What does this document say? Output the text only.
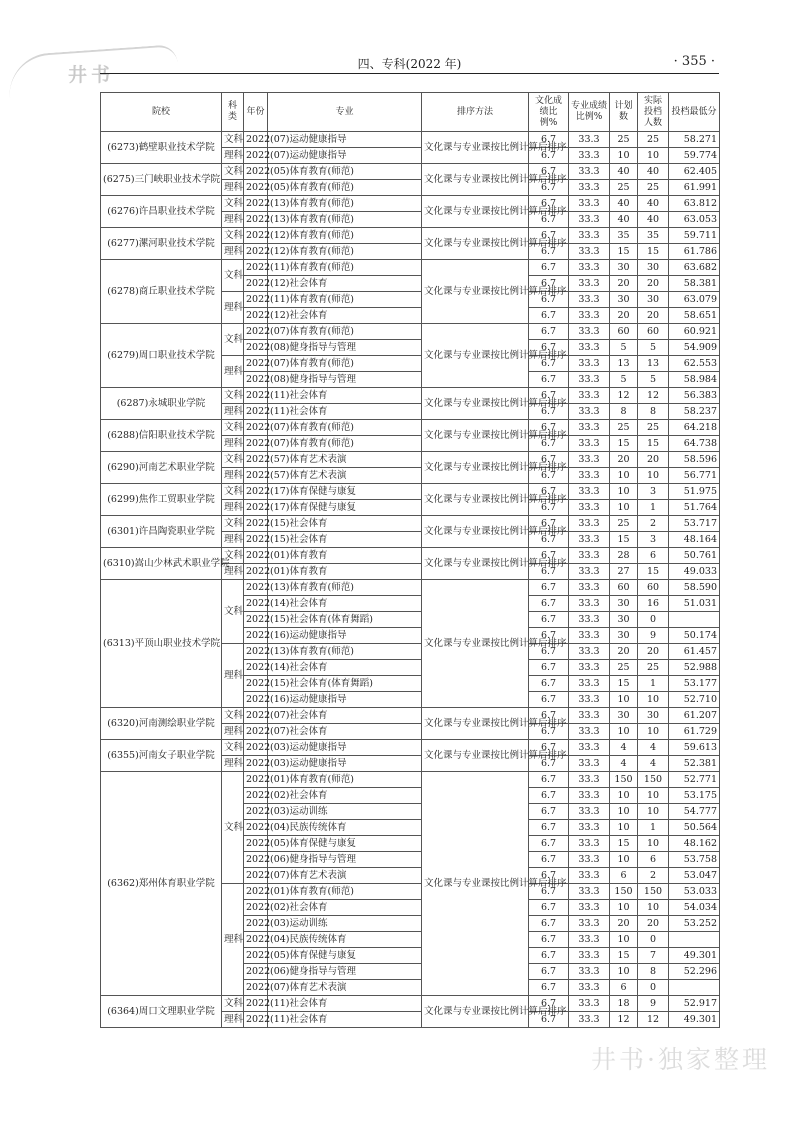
井书	四、专科(2022 年)	· 355 ·
院校	科类	年份	专业	排序方法	文化成绩比例%	专业成绩比例%	计划数	实际投档人数	投档最低分
(6273)鹤壁职业技术学院	文科	2022	(07)运动健康指导	文化课与专业课按比例计算后排序	6.7	33.3	25	25	58.271
	理科	2022	(07)运动健康指导		6.7	33.3	10	10	59.774
(6275)三门峡职业技术学院	文科	2022	(05)体育教育(师范)	文化课与专业课按比例计算后排序	6.7	33.3	40	40	62.405
	理科	2022	(05)体育教育(师范)		6.7	33.3	25	25	61.991
(6276)许昌职业技术学院	文科	2022	(13)体育教育(师范)	文化课与专业课按比例计算后排序	6.7	33.3	40	40	63.812
	理科	2022	(13)体育教育(师范)		6.7	33.3	40	40	63.053
(6277)漯河职业技术学院	文科	2022	(12)体育教育(师范)	文化课与专业课按比例计算后排序	6.7	33.3	35	35	59.711
	理科	2022	(12)体育教育(师范)		6.7	33.3	15	15	61.786
(6278)商丘职业技术学院	文科	2022	(11)体育教育(师范)	文化课与专业课按比例计算后排序	6.7	33.3	30	30	63.682
		2022	(12)社会体育		6.7	33.3	20	20	58.381
	理科	2022	(11)体育教育(师范)		6.7	33.3	30	30	63.079
		2022	(12)社会体育		6.7	33.3	20	20	58.651
(6279)周口职业技术学院	文科	2022	(07)体育教育(师范)	文化课与专业课按比例计算后排序	6.7	33.3	60	60	60.921
		2022	(08)健身指导与管理		6.7	33.3	5	5	54.909
	理科	2022	(07)体育教育(师范)		6.7	33.3	13	13	62.553
		2022	(08)健身指导与管理		6.7	33.3	5	5	58.984
(6287)永城职业学院	文科	2022	(11)社会体育	文化课与专业课按比例计算后排序	6.7	33.3	12	12	56.383
	理科	2022	(11)社会体育		6.7	33.3	8	8	58.237
(6288)信阳职业技术学院	文科	2022	(07)体育教育(师范)	文化课与专业课按比例计算后排序	6.7	33.3	25	25	64.218
	理科	2022	(07)体育教育(师范)		6.7	33.3	15	15	64.738
(6290)河南艺术职业学院	文科	2022	(57)体育艺术表演	文化课与专业课按比例计算后排序	6.7	33.3	20	20	58.596
	理科	2022	(57)体育艺术表演		6.7	33.3	10	10	56.771
(6299)焦作工贸职业学院	文科	2022	(17)体育保健与康复	文化课与专业课按比例计算后排序	6.7	33.3	10	3	51.975
	理科	2022	(17)体育保健与康复		6.7	33.3	10	1	51.764
(6301)许昌陶瓷职业学院	文科	2022	(15)社会体育	文化课与专业课按比例计算后排序	6.7	33.3	25	2	53.717
	理科	2022	(15)社会体育		6.7	33.3	15	3	48.164
(6310)嵩山少林武术职业学院	文科	2022	(01)体育教育	文化课与专业课按比例计算后排序	6.7	33.3	28	6	50.761
	理科	2022	(01)体育教育		6.7	33.3	27	15	49.033
(6313)平顶山职业技术学院	文科	2022	(13)体育教育(师范)	文化课与专业课按比例计算后排序	6.7	33.3	60	60	58.590
		2022	(14)社会体育		6.7	33.3	30	16	51.031
		2022	(15)社会体育(体育舞蹈)		6.7	33.3	30	0	
		2022	(16)运动健康指导		6.7	33.3	30	9	50.174
	理科	2022	(13)体育教育(师范)		6.7	33.3	20	20	61.457
		2022	(14)社会体育		6.7	33.3	25	25	52.988
		2022	(15)社会体育(体育舞蹈)		6.7	33.3	15	1	53.177
		2022	(16)运动健康指导		6.7	33.3	10	10	52.710
(6320)河南测绘职业学院	文科	2022	(07)社会体育	文化课与专业课按比例计算后排序	6.7	33.3	30	30	61.207
	理科	2022	(07)社会体育		6.7	33.3	10	10	61.729
(6355)河南女子职业学院	文科	2022	(03)运动健康指导	文化课与专业课按比例计算后排序	6.7	33.3	4	4	59.613
	理科	2022	(03)运动健康指导		6.7	33.3	4	4	52.381
(6362)郑州体育职业学院	文科	2022	(01)体育教育(师范)	文化课与专业课按比例计算后排序	6.7	33.3	150	150	52.771
		2022	(02)社会体育		6.7	33.3	10	10	53.175
		2022	(03)运动训练		6.7	33.3	10	10	54.777
		2022	(04)民族传统体育		6.7	33.3	10	1	50.564
		2022	(05)体育保健与康复		6.7	33.3	15	10	48.162
		2022	(06)健身指导与管理		6.7	33.3	10	6	53.758
		2022	(07)体育艺术表演		6.7	33.3	6	2	53.047
	理科	2022	(01)体育教育(师范)		6.7	33.3	150	150	53.033
		2022	(02)社会体育		6.7	33.3	10	10	54.034
		2022	(03)运动训练		6.7	33.3	20	20	53.252
		2022	(04)民族传统体育		6.7	33.3	10	0	
		2022	(05)体育保健与康复		6.7	33.3	15	7	49.301
		2022	(06)健身指导与管理		6.7	33.3	10	8	52.296
		2022	(07)体育艺术表演		6.7	33.3	6	0	
(6364)周口文理职业学院	文科	2022	(11)社会体育	文化课与专业课按比例计算后排序	6.7	33.3	18	9	52.917
	理科	2022	(11)社会体育		6.7	33.3	12	12	49.301
井书·独家整理
